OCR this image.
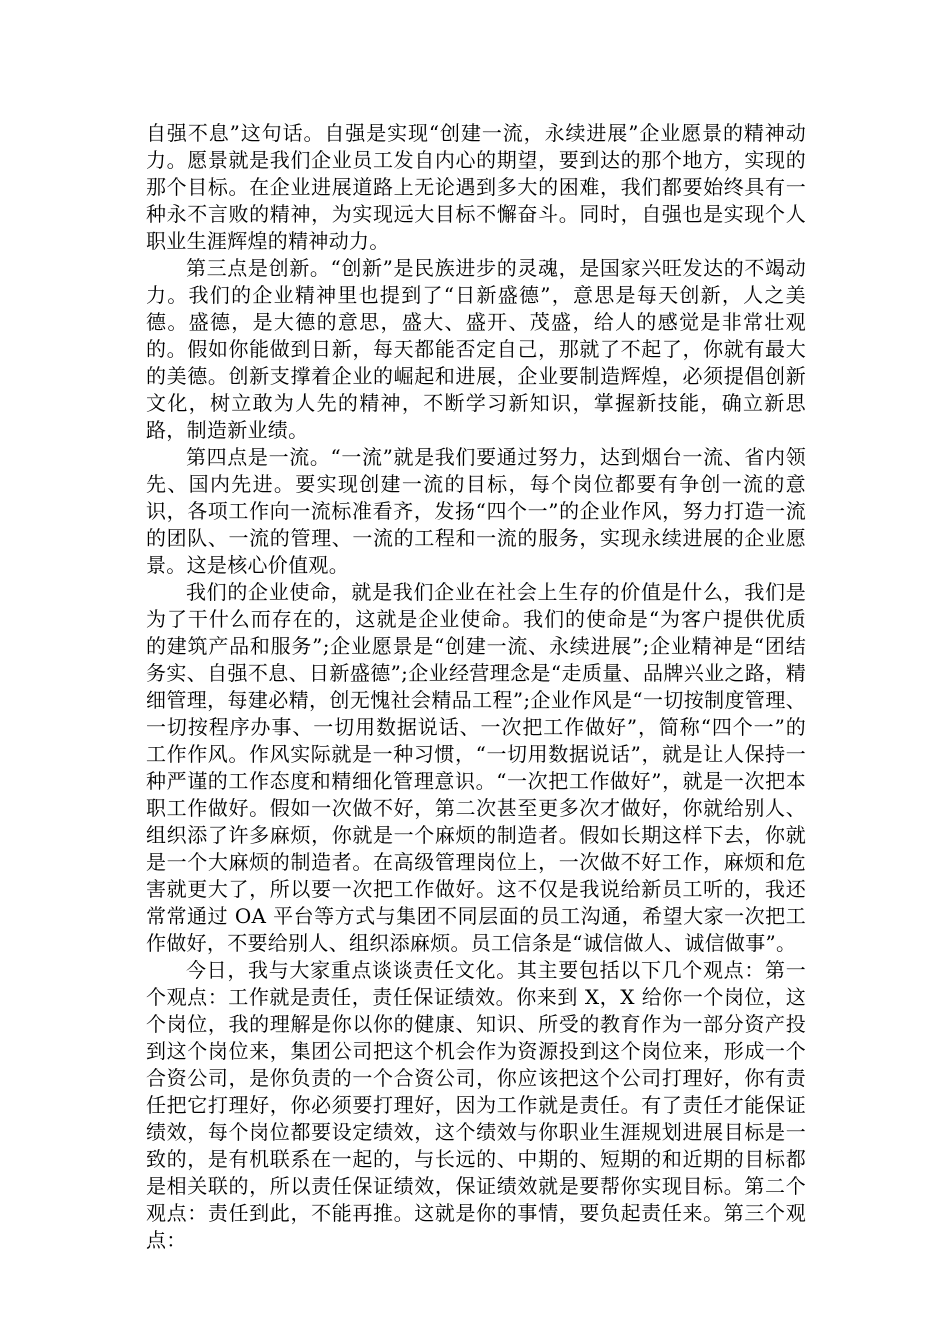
自强不息”这句话。自强是实现“创建一流，永续进展”企业愿景的精神动力。愿景就是我们企业员工发自内心的期望，要到达的那个地方，实现的那个目标。在企业进展道路上无论遇到多大的困难，我们都要始终具有一种永不言败的精神，为实现远大目标不懈奋斗。同时，自强也是实现个人职业生涯辉煌的精神动力。

第三点是创新。“创新”是民族进步的灵魂，是国家兴旺发达的不竭动力。我们的企业精神里也提到了“日新盛德”，意思是每天创新，人之美德。盛德，是大德的意思，盛大、盛开、茂盛，给人的感觉是非常壮观的。假如你能做到日新，每天都能否定自己，那就了不起了，你就有最大的美德。创新支撑着企业的崛起和进展，企业要制造辉煌，必须提倡创新文化，树立敢为人先的精神，不断学习新知识，掌握新技能，确立新思路，制造新业绩。

第四点是一流。“一流”就是我们要通过努力，达到烟台一流、省内领先、国内先进。要实现创建一流的目标，每个岗位都要有争创一流的意识，各项工作向一流标准看齐，发扬“四个一”的企业作风，努力打造一流的团队、一流的管理、一流的工程和一流的服务，实现永续进展的企业愿景。这是核心价值观。

我们的企业使命，就是我们企业在社会上生存的价值是什么，我们是为了干什么而存在的，这就是企业使命。我们的使命是“为客户提供优质的建筑产品和服务”;企业愿景是“创建一流、永续进展”;企业精神是“团结务实、自强不息、日新盛德”;企业经营理念是“走质量、品牌兴业之路，精细管理，每建必精，创无愧社会精品工程”;企业作风是“一切按制度管理、一切按程序办事、一切用数据说话、一次把工作做好”，简称“四个一”的工作作风。作风实际就是一种习惯，“一切用数据说话”，就是让人保持一种严谨的工作态度和精细化管理意识。“一次把工作做好”，就是一次把本职工作做好。假如一次做不好，第二次甚至更多次才做好，你就给别人、组织添了许多麻烦，你就是一个麻烦的制造者。假如长期这样下去，你就是一个大麻烦的制造者。在高级管理岗位上，一次做不好工作，麻烦和危害就更大了，所以要一次把工作做好。这不仅是我说给新员工听的，我还常常通过 OA 平台等方式与集团不同层面的员工沟通，希望大家一次把工作做好，不要给别人、组织添麻烦。员工信条是“诚信做人、诚信做事”。

今日，我与大家重点谈谈责任文化。其主要包括以下几个观点：第一个观点：工作就是责任，责任保证绩效。你来到 X，X 给你一个岗位，这个岗位，我的理解是你以你的健康、知识、所受的教育作为一部分资产投到这个岗位来，集团公司把这个机会作为资源投到这个岗位来，形成一个合资公司，是你负责的一个合资公司，你应该把这个公司打理好，你有责任把它打理好，你必须要打理好，因为工作就是责任。有了责任才能保证绩效，每个岗位都要设定绩效，这个绩效与你职业生涯规划进展目标是一致的，是有机联系在一起的，与长远的、中期的、短期的和近期的目标都是相关联的，所以责任保证绩效，保证绩效就是要帮你实现目标。第二个观点：责任到此，不能再推。这就是你的事情，要负起责任来。第三个观点：
